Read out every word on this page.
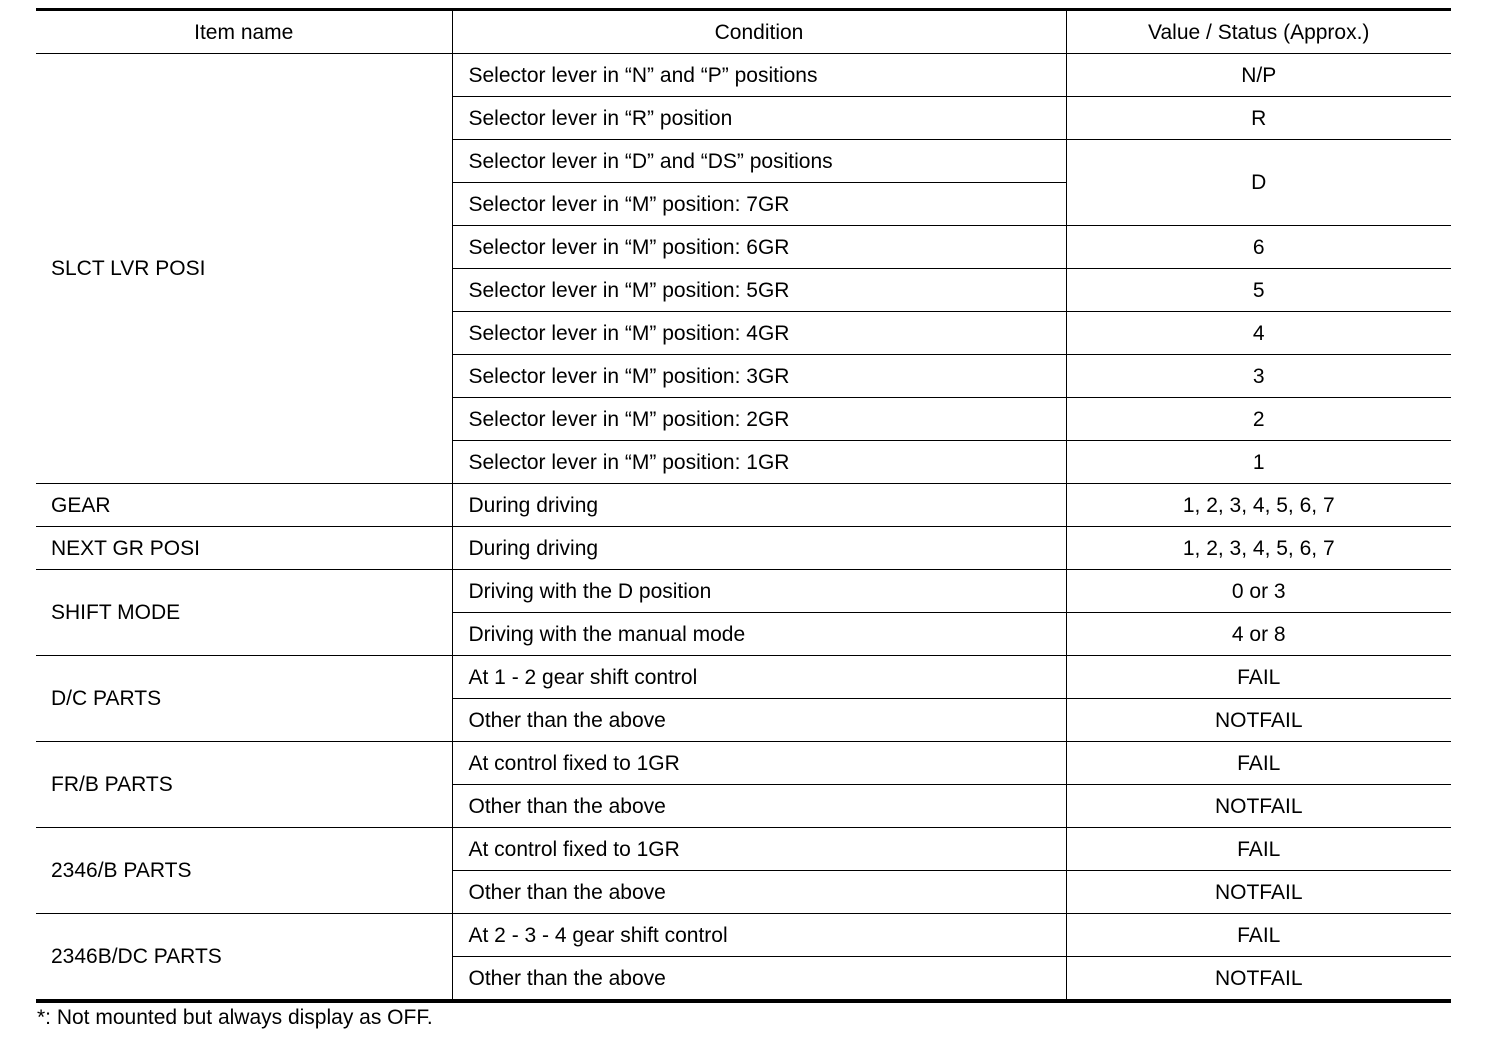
Item name	Condition	Value / Status (Approx.)
SLCT LVR POSI	Selector lever in “N” and “P” positions	N/P
	Selector lever in “R” position	R
	Selector lever in “D” and “DS” positions	D
	Selector lever in “M” position: 7GR	
	Selector lever in “M” position: 6GR	6
	Selector lever in “M” position: 5GR	5
	Selector lever in “M” position: 4GR	4
	Selector lever in “M” position: 3GR	3
	Selector lever in “M” position: 2GR	2
	Selector lever in “M” position: 1GR	1
GEAR	During driving	1, 2, 3, 4, 5, 6, 7
NEXT GR POSI	During driving	1, 2, 3, 4, 5, 6, 7
SHIFT MODE	Driving with the D position	0 or 3
	Driving with the manual mode	4 or 8
D/C PARTS	At 1 - 2 gear shift control	FAIL
	Other than the above	NOTFAIL
FR/B PARTS	At control fixed to 1GR	FAIL
	Other than the above	NOTFAIL
2346/B PARTS	At control fixed to 1GR	FAIL
	Other than the above	NOTFAIL
2346B/DC PARTS	At 2 - 3 - 4 gear shift control	FAIL
	Other than the above	NOTFAIL
*: Not mounted but always display as OFF.
